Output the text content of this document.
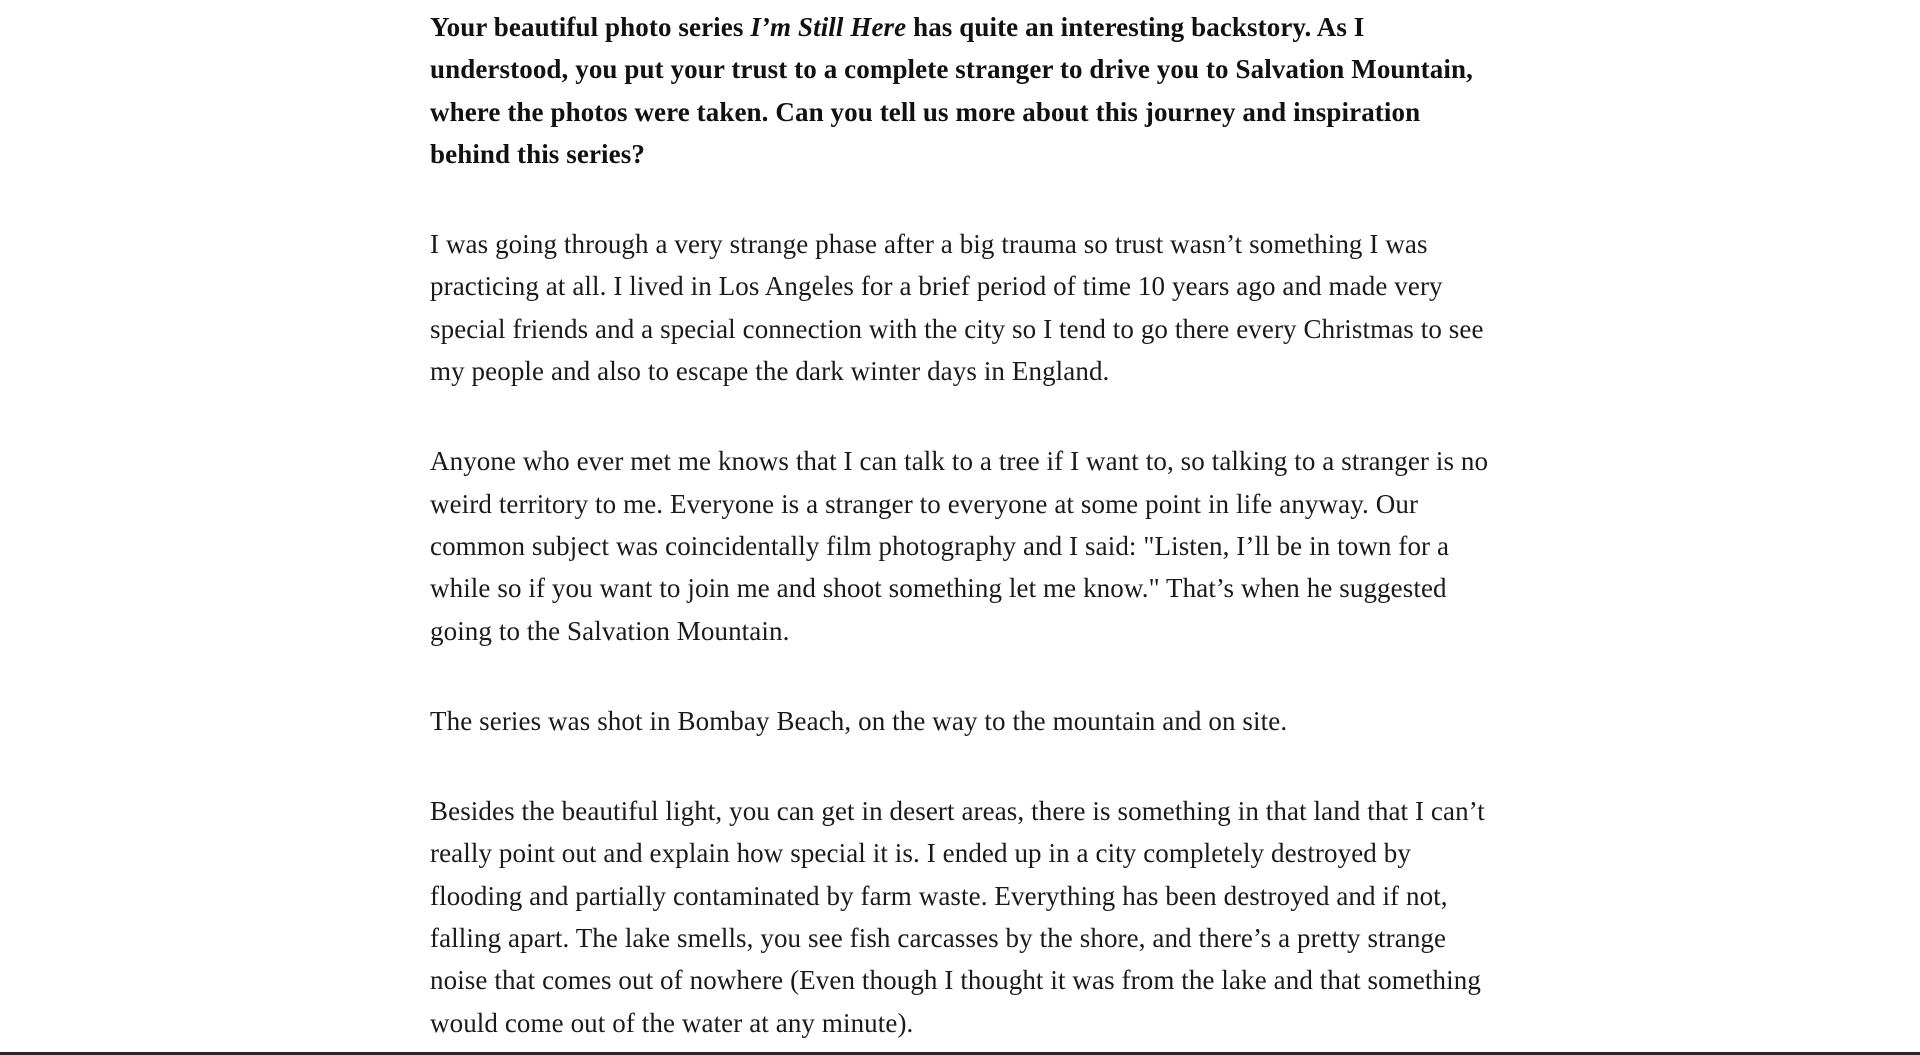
Your beautiful photo series I’m Still Here has quite an interesting backstory. As I understood, you put your trust to a complete stranger to drive you to Salvation Mountain, where the photos were taken. Can you tell us more about this journey and inspiration behind this series?

I was going through a very strange phase after a big trauma so trust wasn’t something I was practicing at all. I lived in Los Angeles for a brief period of time 10 years ago and made very special friends and a special connection with the city so I tend to go there every Christmas to see my people and also to escape the dark winter days in England.

Anyone who ever met me knows that I can talk to a tree if I want to, so talking to a stranger is no weird territory to me. Everyone is a stranger to everyone at some point in life anyway. Our common subject was coincidentally film photography and I said: "Listen, I’ll be in town for a while so if you want to join me and shoot something let me know." That’s when he suggested going to the Salvation Mountain.

The series was shot in Bombay Beach, on the way to the mountain and on site.

Besides the beautiful light, you can get in desert areas, there is something in that land that I can’t really point out and explain how special it is. I ended up in a city completely destroyed by flooding and partially contaminated by farm waste. Everything has been destroyed and if not, falling apart. The lake smells, you see fish carcasses by the shore, and there’s a pretty strange noise that comes out of nowhere (Even though I thought it was from the lake and that something would come out of the water at any minute).
